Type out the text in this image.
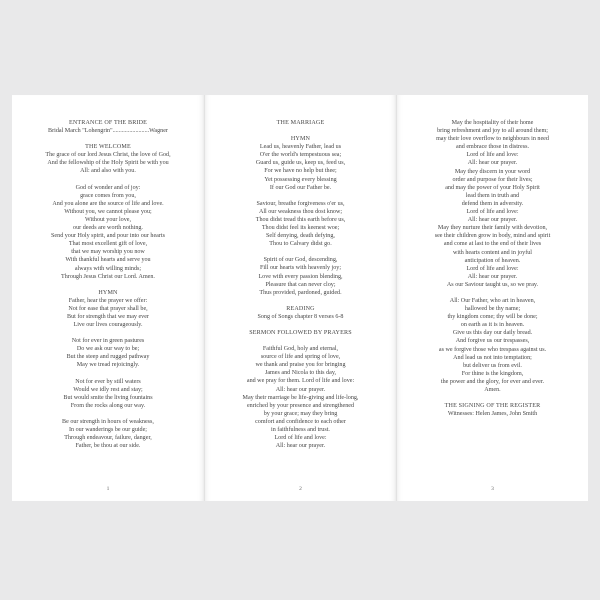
ENTRANCE OF THE BRIDE
Bridal March "Lohengrin"........................Wagner
THE WELCOME
The grace of our lord Jesus Christ, the love of God,
And the fellowship of the Holy Spirit be with you
All: and also with you.
God of wonder and of joy:
grace comes from you,
And you alone are the source of life and love.
Without you, we cannot please you;
Without your love,
our deeds are worth nothing.
Send your Holy spirit, and pour into our hearts
That most excellent gift of love,
that we may worship you now
With thankful hearts and serve you
always with willing minds;
Through Jesus Christ our Lord. Amen.
HYMN
Father, hear the prayer we offer:
Not for ease that prayer shall be,
But for strength that we may ever
Live our lives courageously.
Not for ever in green pastures
Do we ask our way to be;
But the steep and rugged pathway
May we tread rejoicingly.
Not for ever by still waters
Would we idly rest and stay;
But would smite the living fountains
From the rocks along our way.
Be our strength in hours of weakness,
In our wanderings be our guide;
Through endeavour, failure, danger,
Father, be thou at our side.
1
THE MARRIAGE
HYMN
Lead us, heavenly Father, lead us
O'er the world's tempestuous sea;
Guard us, guide us, keep us, feed us,
For we have no help but thee;
Yet possessing every blessing
If our God our Father be.
Saviour, breathe forgiveness o'er us,
All our weakness thou dost know;
Thou didst tread this earth before us,
Thou didst feel its keenest woe;
Self denying, death defying,
Thou to Calvary didst go.
Spirit of our God, descending,
Fill our hearts with heavenly joy;
Love with every passion blending,
Pleasure that can never cloy;
Thus provided, pardoned, guided.
READING
Song of Songs chapter 8 verses 6-8
SERMON FOLLOWED BY PRAYERS
Faithful God, holy and eternal,
source of life and spring of love,
we thank and praise you for bringing
James and Nicola to this day,
and we pray for them. Lord of life and love:
All: hear our prayer.
May their marriage be life-giving and life-long,
enriched by your presence and strengthened
by your grace; may they bring
comfort and confidence to each other
in faithfulness and trust.
Lord of life and love:
All: hear our prayer.
2
May the hospitality of their home
bring refreshment and joy to all around them;
may their love overflow to neighbours in need
and embrace those in distress.
Lord of life and love:
All: hear our prayer.
May they discern in your word
order and purpose for their lives;
and may the power of your Holy Spirit
lead them in truth and
defend them in adversity.
Lord of life and love:
All: hear our prayer.
May they nurture their family with devotion,
see their children grow in body, mind and spirit
and come at last to the end of their lives
with hearts content and in joyful
anticipation of heaven.
Lord of life and love:
All: hear our prayer.
As our Saviour taught us, so we pray.
All: Our Father, who art in heaven,
hallowed be thy name;
thy kingdom come; thy will be done;
on earth as it is in heaven.
Give us this day our daily bread.
And forgive us our trespasses,
as we forgive those who trespass against us.
And lead us not into temptation;
but deliver us from evil.
For thine is the kingdom,
the power and the glory, for ever and ever.
Amen.
THE SIGNING OF THE REGISTER
Witnesses: Helen James, John Smith
3
